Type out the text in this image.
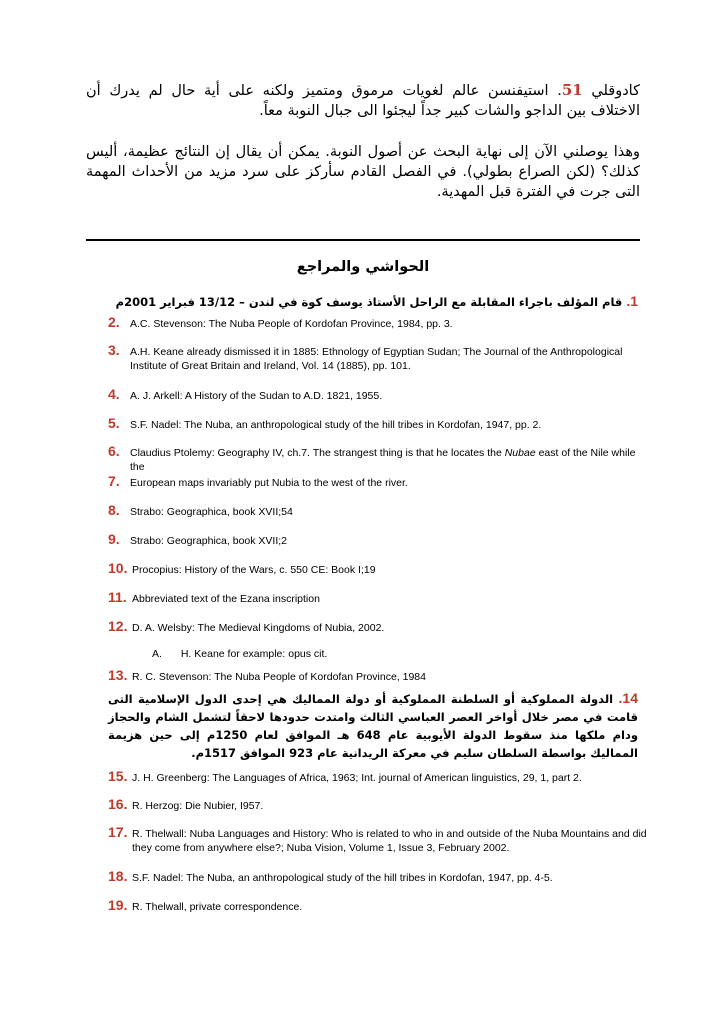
كادوقلي 51. استيفنسن عالم لغويات مرموق ومتميز ولكنه على أية حال لم يدرك أن الاختلاف بين الداجو والشات كبير جداً ليجئوا الى جبال النوبة معاً.

وهذا يوصلني الآن إلى نهاية البحث عن أصول النوبة. يمكن أن يقال إن النتائج عظيمة، أليس كذلك؟ (لكن الصراع بطولي). في الفصل القادم سأركز على سرد مزيد من الأحداث المهمة التى جرت في الفترة قبل المهدية.

الحواشي والمراجع
1. قام المؤلف باجراء المقابلة مع الراحل الأستاذ يوسف كوة في لندن – 13/12 فبراير 2001م
2. A.C. Stevenson: The Nuba People of Kordofan Province, 1984, pp. 3.
3. A.H. Keane already dismissed it in 1885: Ethnology of Egyptian Sudan; The Journal of the Anthropological Institute of Great Britain and Ireland, Vol. 14 (1885), pp. 101.
4. A. J. Arkell: A History of the Sudan to A.D. 1821, 1955.
5. S.F. Nadel: The Nuba, an anthropological study of the hill tribes in Kordofan, 1947, pp. 2.
6. Claudius Ptolemy: Geography IV, ch.7. The strangest thing is that he locates the Nubae east of the Nile while the
7. European maps invariably put Nubia to the west of the river.
8. Strabo: Geographica, book XVII;54
9. Strabo: Geographica, book XVII;2
10. Procopius: History of the Wars, c. 550 CE: Book I;19
11. Abbreviated text of the Ezana inscription
12. D. A. Welsby: The Medieval Kingdoms of Nubia, 2002.
A. H. Keane for example: opus cit.
13. R. C. Stevenson: The Nuba People of Kordofan Province, 1984
14. الدولة المملوكية أو السلطنة المملوكية أو دولة المماليك هي إحدى الدول الإسلامية التى قامت في مصر خلال أواخر العصر العباسي الثالث وامتدت حدودها لاحقاً لتشمل الشام والحجاز ودام ملكها منذ سقوط الدولة الأيوبية عام 648 هـ الموافق لعام 1250م إلى حين هزيمة المماليك بواسطة السلطان سليم في معركة الريدانية عام 923 الموافق 1517م.
15. J. H. Greenberg: The Languages of Africa, 1963; Int. journal of American linguistics, 29, 1, part 2.
16. R. Herzog: Die Nubier, I957.
17. R. Thelwall: Nuba Languages and History: Who is related to who in and outside of the Nuba Mountains and did they come from anywhere else?; Nuba Vision, Volume 1, Issue 3, February 2002.
18. S.F. Nadel: The Nuba, an anthropological study of the hill tribes in Kordofan, 1947, pp. 4-5.
19. R. Thelwall, private correspondence.
